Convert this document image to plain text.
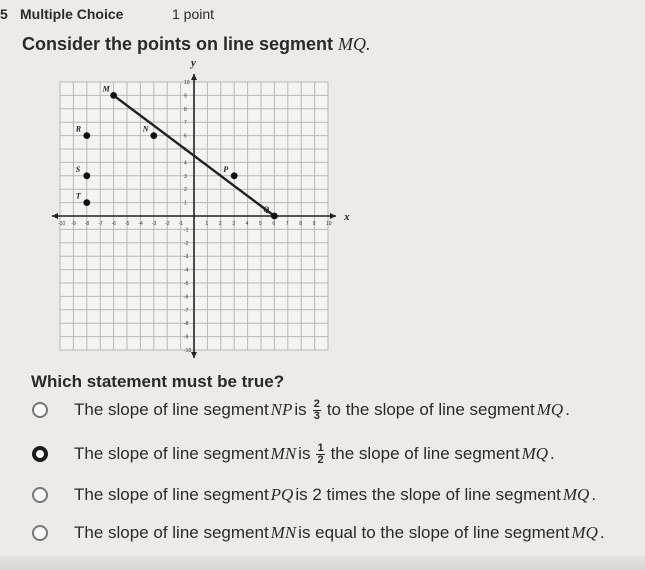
5 Multiple Choice	1 point
Consider the points on line segment MQ.
x
y
-10 -9 -8 -7 -6 -5 -4 -3 -2 -1	1 2 3 4 5 6 7 8 9 10
10
9
8
7
6
4
3
2
1
-1
-2
-3
-4
-5
-6
-7
-8
-9
-10
M
N
R
P
S
Q
T
Which statement must be true?
The slope of line segment NP is $\frac{2}{3}$ to the slope of line segment MQ .
The slope of line segment MN is $\frac{1}{2}$ the slope of line segment MQ .
The slope of line segment PQ is 2 times the slope of line segment MQ .
The slope of line segment MN is equal to the slope of line segment MQ .
